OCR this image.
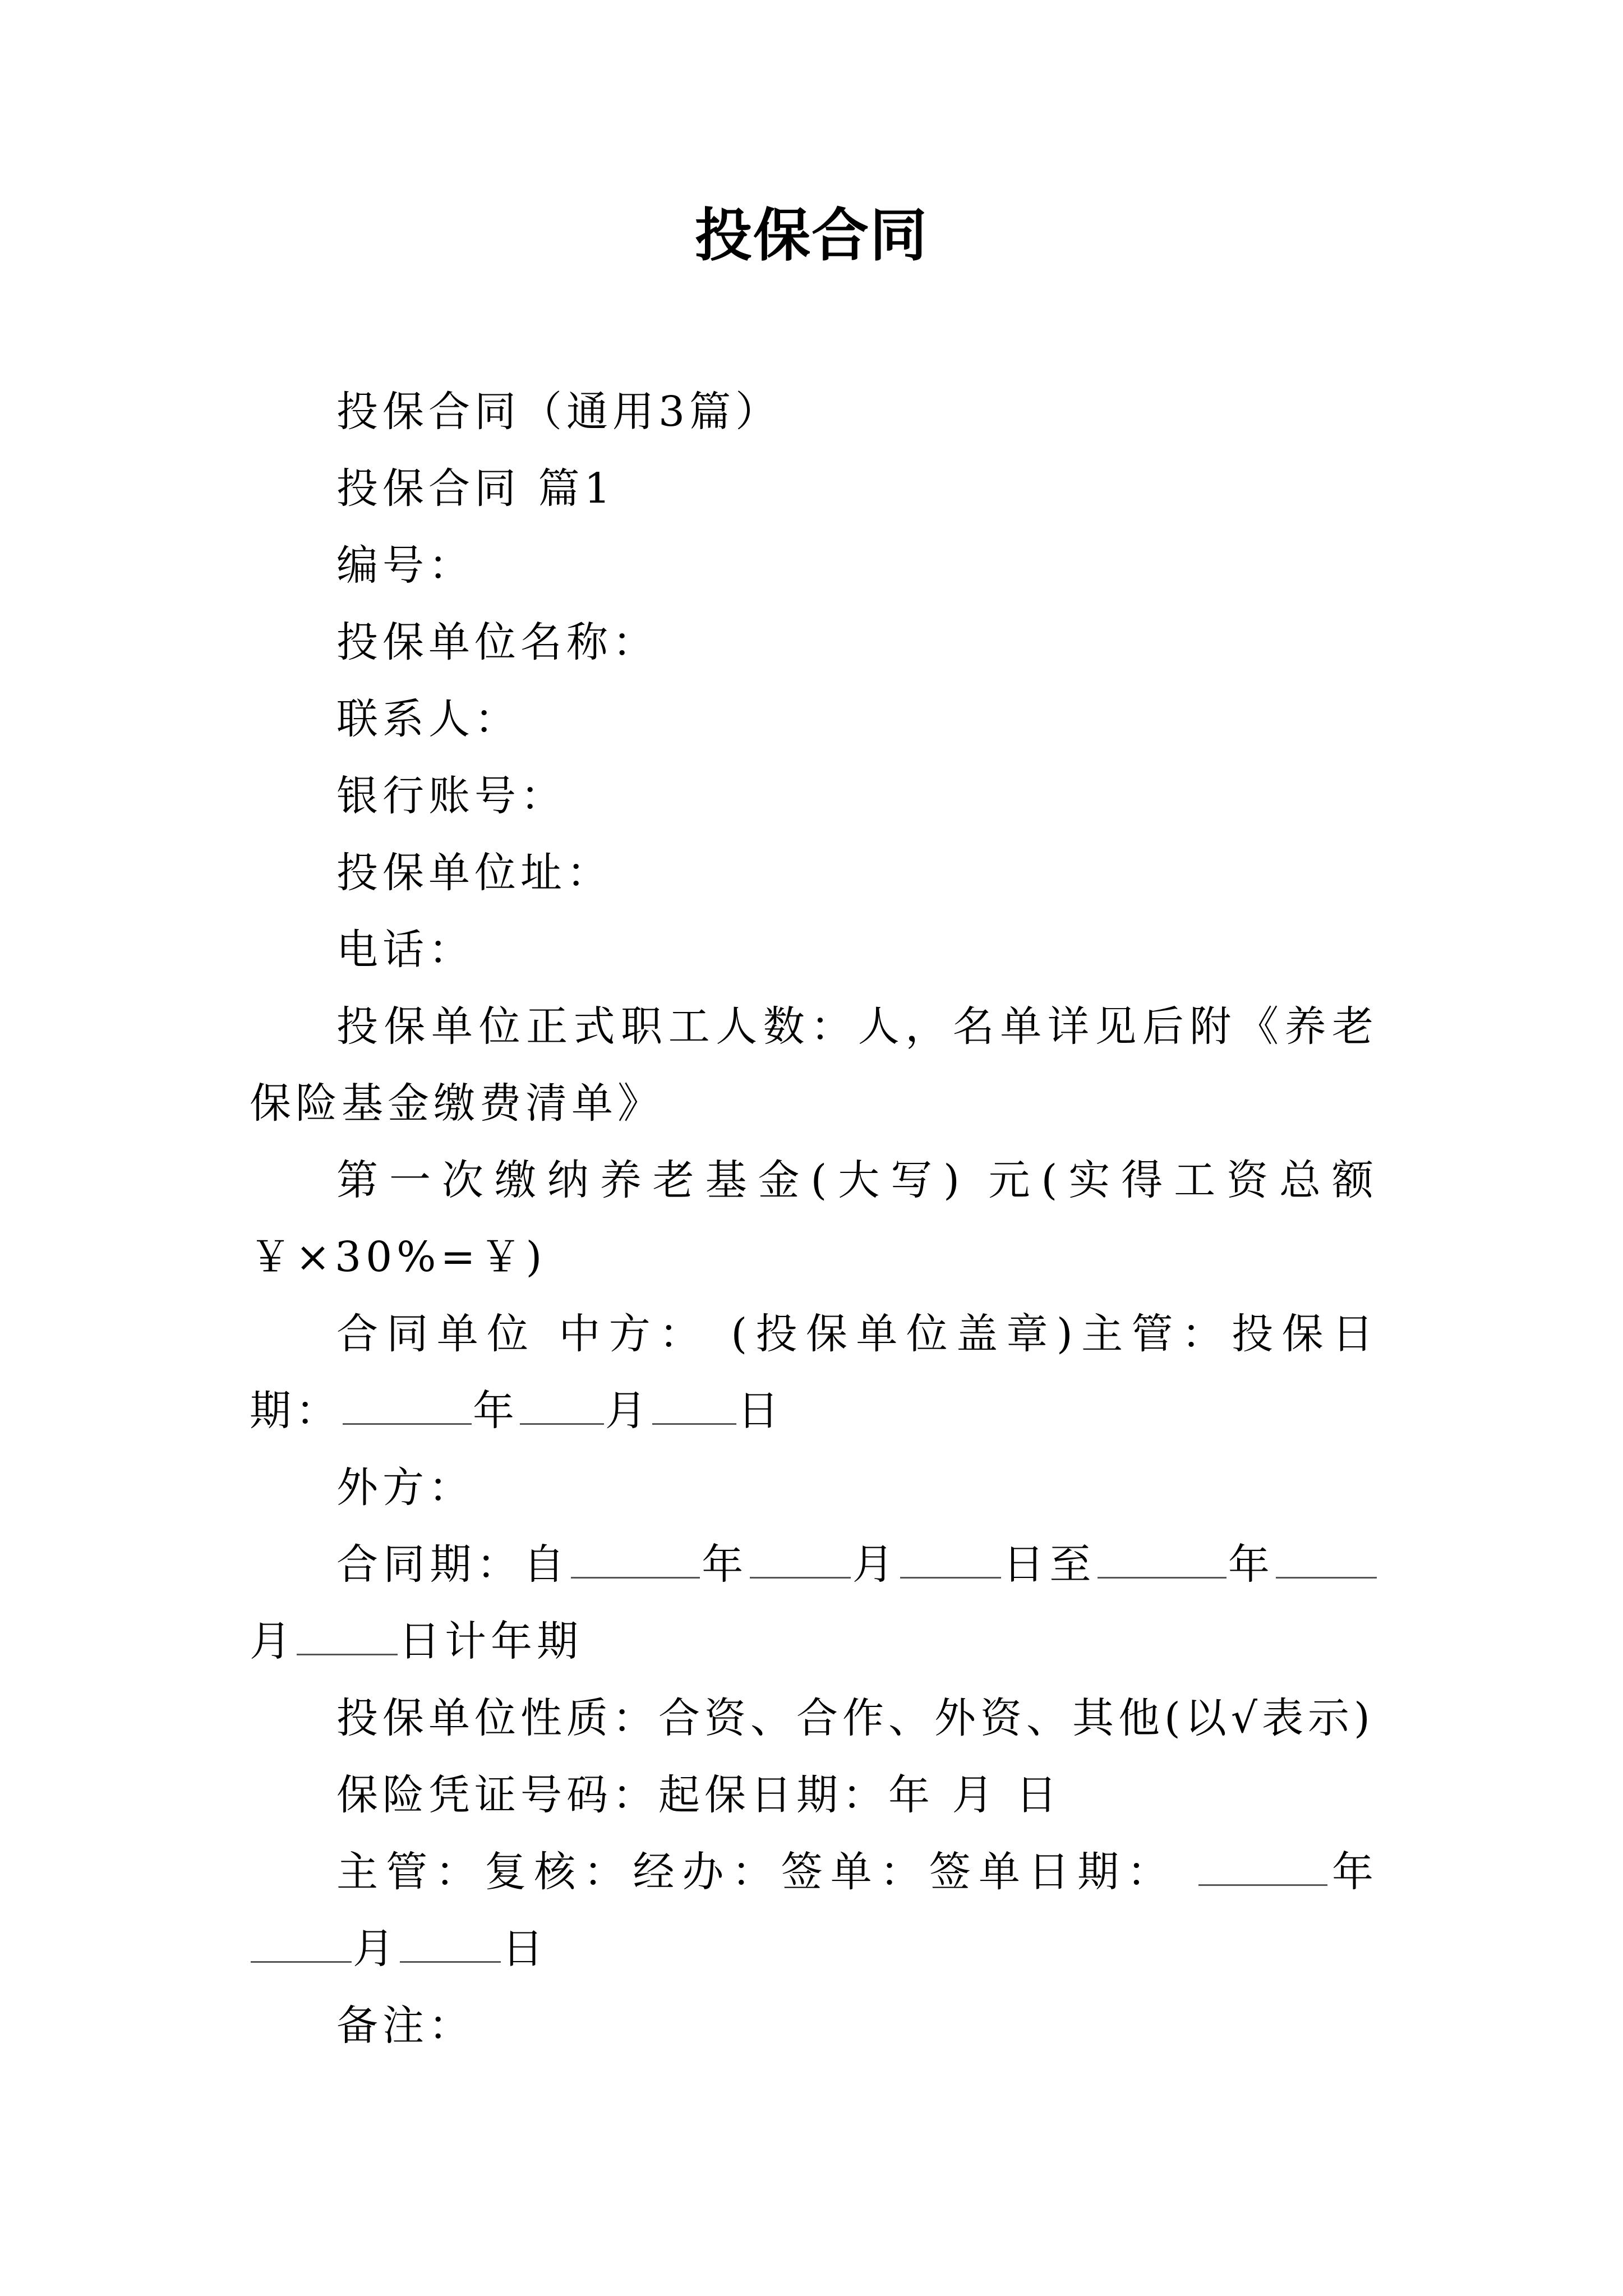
投保合同

投保合同（通用3篇）

投保合同 篇1

编号：

投保单位名称：

联系人：

银行账号：

投保单位址：

电话：

投保单位正式职工人数：人，名单详见后附《养老保险基金缴费清单》

第一次缴纳养老基金(大写) 元(实得工资总额￥×30%=￥)

合同单位 中方： (投保单位盖章)主管：投保日期：	年 月 日

外方：

合同期：自	年 月 日至	年月 日计年期

投保单位性质：合资、合作、外资、其他(以√表示)

保险凭证号码：起保日期：年 月 日

主管：复核：经办：签单：签单日期：	年月 日

备注：
